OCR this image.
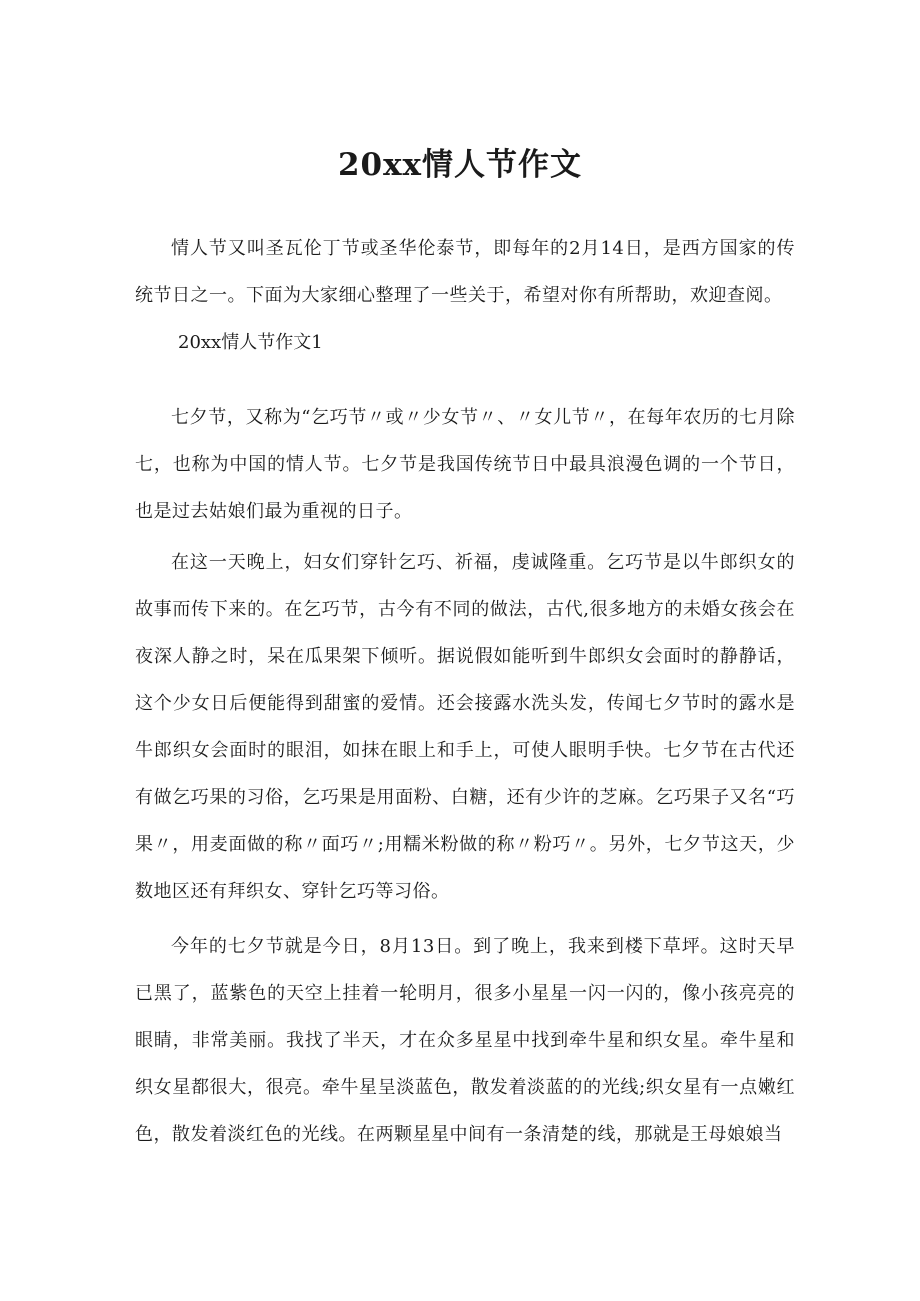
20xx情人节作文

情人节又叫圣瓦伦丁节或圣华伦泰节，即每年的2月14日，是西方国家的传统节日之一。下面为大家细心整理了一些关于，希望对你有所帮助，欢迎查阅。

20xx情人节作文1

七夕节，又称为“乞巧节〃或〃少女节〃、〃女儿节〃，在每年农历的七月除七，也称为中国的情人节。七夕节是我国传统节日中最具浪漫色调的一个节日，也是过去姑娘们最为重视的日子。

在这一天晚上，妇女们穿针乞巧、祈福，虔诚隆重。乞巧节是以牛郎织女的故事而传下来的。在乞巧节，古今有不同的做法，古代,很多地方的未婚女孩会在夜深人静之时，呆在瓜果架下倾听。据说假如能听到牛郎织女会面时的静静话，这个少女日后便能得到甜蜜的爱情。还会接露水洗头发，传闻七夕节时的露水是牛郎织女会面时的眼泪，如抹在眼上和手上，可使人眼明手快。七夕节在古代还有做乞巧果的习俗，乞巧果是用面粉、白糖，还有少许的芝麻。乞巧果子又名“巧果〃，用麦面做的称〃面巧〃;用糯米粉做的称〃粉巧〃。另外，七夕节这天，少数地区还有拜织女、穿针乞巧等习俗。

今年的七夕节就是今日，8月13日。到了晚上，我来到楼下草坪。这时天早已黑了，蓝紫色的天空上挂着一轮明月，很多小星星一闪一闪的，像小孩亮亮的眼睛，非常美丽。我找了半天，才在众多星星中找到牵牛星和织女星。牵牛星和织女星都很大，很亮。牵牛星呈淡蓝色，散发着淡蓝的的光线;织女星有一点嫩红色，散发着淡红色的光线。在两颗星星中间有一条清楚的线，那就是王母娘娘当
